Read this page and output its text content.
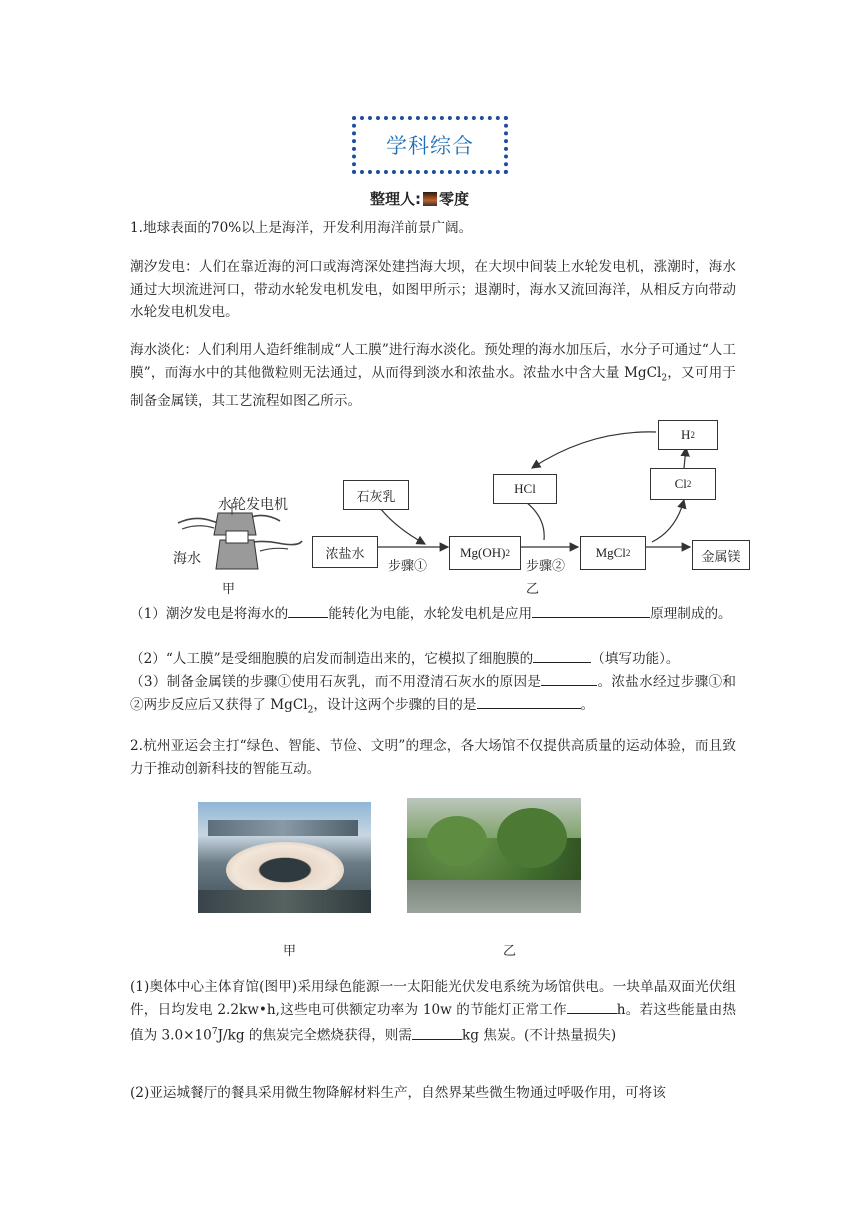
学科综合
整理人: 零度
1.地球表面的70%以上是海洋，开发利用海洋前景广阔。
潮汐发电：人们在靠近海的河口或海湾深处建挡海大坝，在大坝中间装上水轮发电机，涨潮时，海水通过大坝流进河口，带动水轮发电机发电，如图甲所示；退潮时，海水又流回海洋，从相反方向带动水轮发电机发电。
海水淡化：人们利用人造纤维制成“人工膜”进行海水淡化。预处理的海水加压后，水分子可通过“人工膜”，而海水中的其他微粒则无法通过，从而得到淡水和浓盐水。浓盐水中含大量 MgCl$_2$，又可用于制备金属镁，其工艺流程如图乙所示。
水轮发电机
海水
甲
浓盐水
石灰乳
Mg(OH) 2	MgCl 2	金属镁
HCl	Cl 2
H 2
步骤①	步骤②
乙
（1）潮汐发电是将海水的	能转化为电能，水轮发电机是应用	原理制成的。
（2）“人工膜”是受细胞膜的启发而制造出来的，它模拟了细胞膜的	（填写功能）。
（3）制备金属镁的步骤①使用石灰乳，而不用澄清石灰水的原因是	。浓盐水经过步骤①和②两步反应后又获得了 MgCl$_2$，设计这两个步骤的目的是	。
2.杭州亚运会主打“绿色、智能、节俭、文明”的理念，各大场馆不仅提供高质量的运动体验，而且致力于推动创新科技的智能互动。
甲	乙
(1)奥体中心主体育馆(图甲)采用绿色能源一一太阳能光伏发电系统为场馆供电。一块单晶双面光伏组件，日均发电 2.2kw•h,这些电可供额定功率为 10w 的节能灯正常工作	h。若这些能量由热值为 $3.0\times 10^7J/kg$ 的焦炭完全燃烧获得，则需	kg 焦炭。(不计热量损失)
(2)亚运城餐厅的餐具采用微生物降解材料生产，自然界某些微生物通过呼吸作用，可将该
